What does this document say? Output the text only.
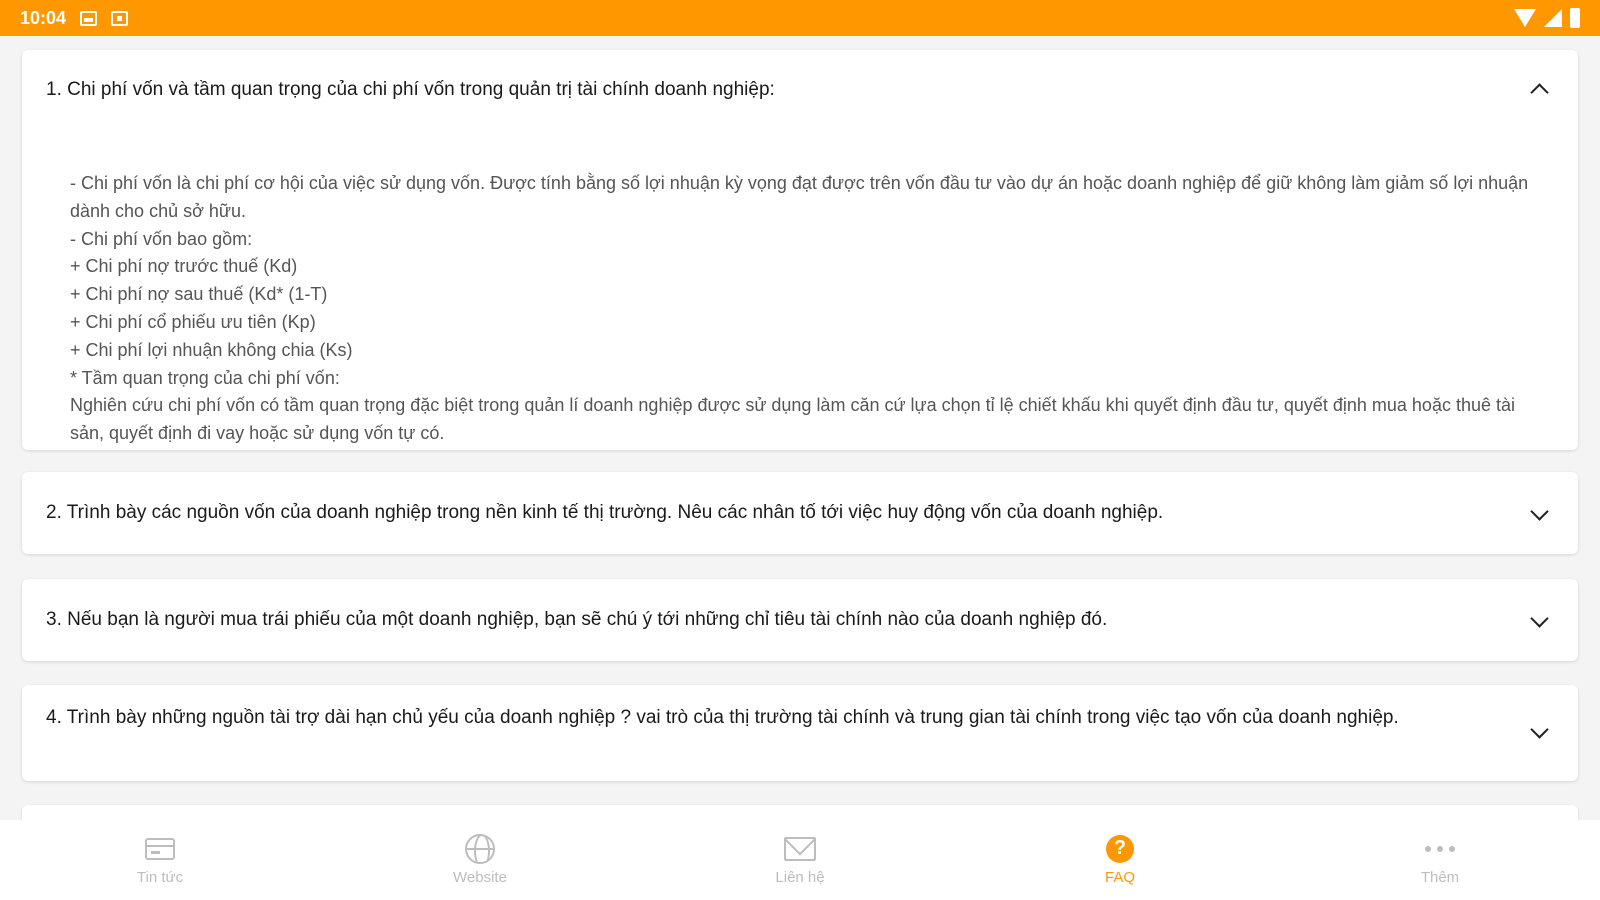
10:04
1. Chi phí vốn và tầm quan trọng của chi phí vốn trong quản trị tài chính doanh nghiệp:
- Chi phí vốn là chi phí cơ hội của việc sử dụng vốn. Được tính bằng số lợi nhuận kỳ vọng đạt được trên vốn đầu tư vào dự án hoặc doanh nghiệp để giữ không làm giảm số lợi nhuận dành cho chủ sở hữu.
- Chi phí vốn bao gồm:
+ Chi phí nợ trước thuế (Kd)
+ Chi phí nợ sau thuế (Kd* (1-T)
+ Chi phí cổ phiếu ưu tiên (Kp)
+ Chi phí lợi nhuận không chia (Ks)
* Tầm quan trọng của chi phí vốn:
Nghiên cứu chi phí vốn có tầm quan trọng đặc biệt trong quản lí doanh nghiệp được sử dụng làm căn cứ lựa chọn tỉ lệ chiết khấu khi quyết định đầu tư, quyết định mua hoặc thuê tài sản, quyết định đi vay hoặc sử dụng vốn tự có.
2. Trình bày các nguồn vốn của doanh nghiệp trong nền kinh tế thị trường. Nêu các nhân tố tới việc huy động vốn của doanh nghiệp.
3. Nếu bạn là người mua trái phiếu của một doanh nghiệp, bạn sẽ chú ý tới những chỉ tiêu tài chính nào của doanh nghiệp đó.
4. Trình bày những nguồn tài trợ dài hạn chủ yếu của doanh nghiệp ? vai trò của thị trường tài chính và trung gian tài chính trong việc tạo vốn của doanh nghiệp.
Tin tức	Website	Liên hệ
?
FAQ	Thêm
